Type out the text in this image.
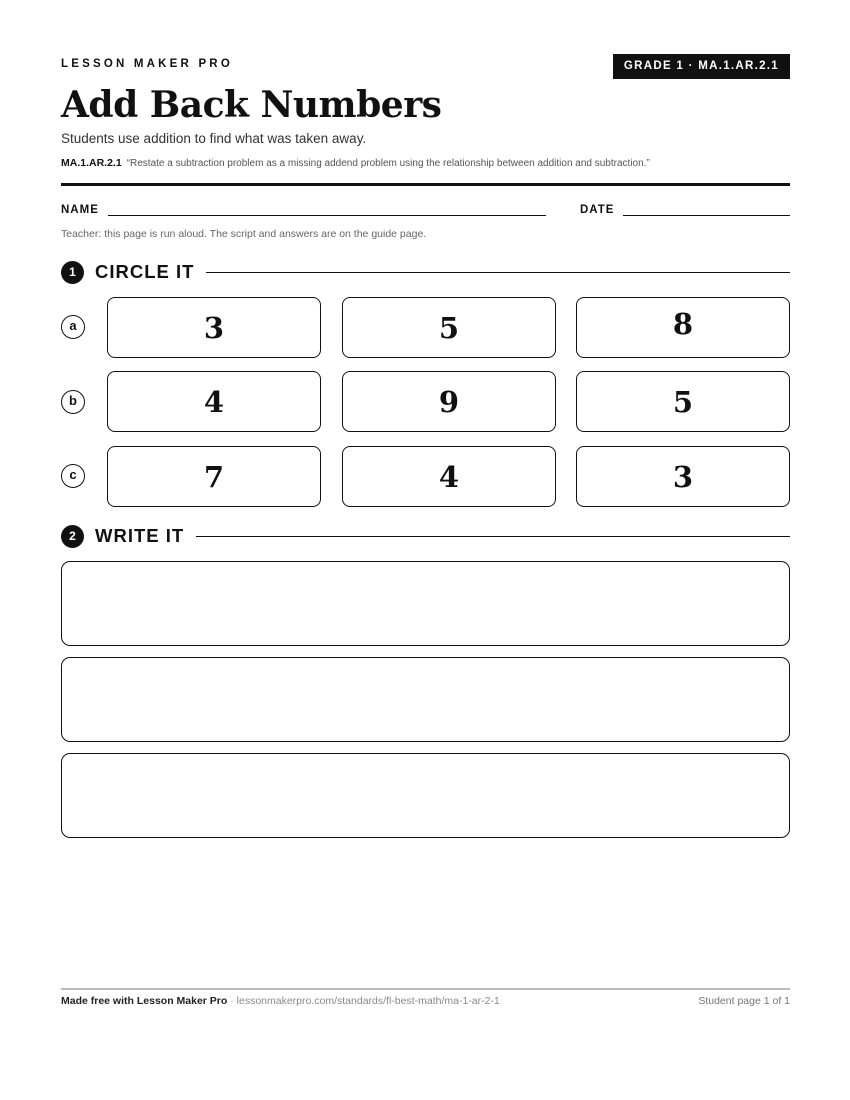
LESSON MAKER PRO	GRADE 1 · MA.1.AR.2.1
Add Back Numbers
Students use addition to find what was taken away.
MA.1.AR.2.1 “Restate a subtraction problem as a missing addend problem using the relationship between addition and subtraction.”
NAME	DATE
Teacher: this page is run aloud. The script and answers are on the guide page.
1	CIRCLE IT
a	3	5	8
b	4	9	5
c	7	4	3
2	WRITE IT
Made free with Lesson Maker Pro · lessonmakerpro.com/standards/fl-best-math/ma-1-ar-2-1	Student page 1 of 1
